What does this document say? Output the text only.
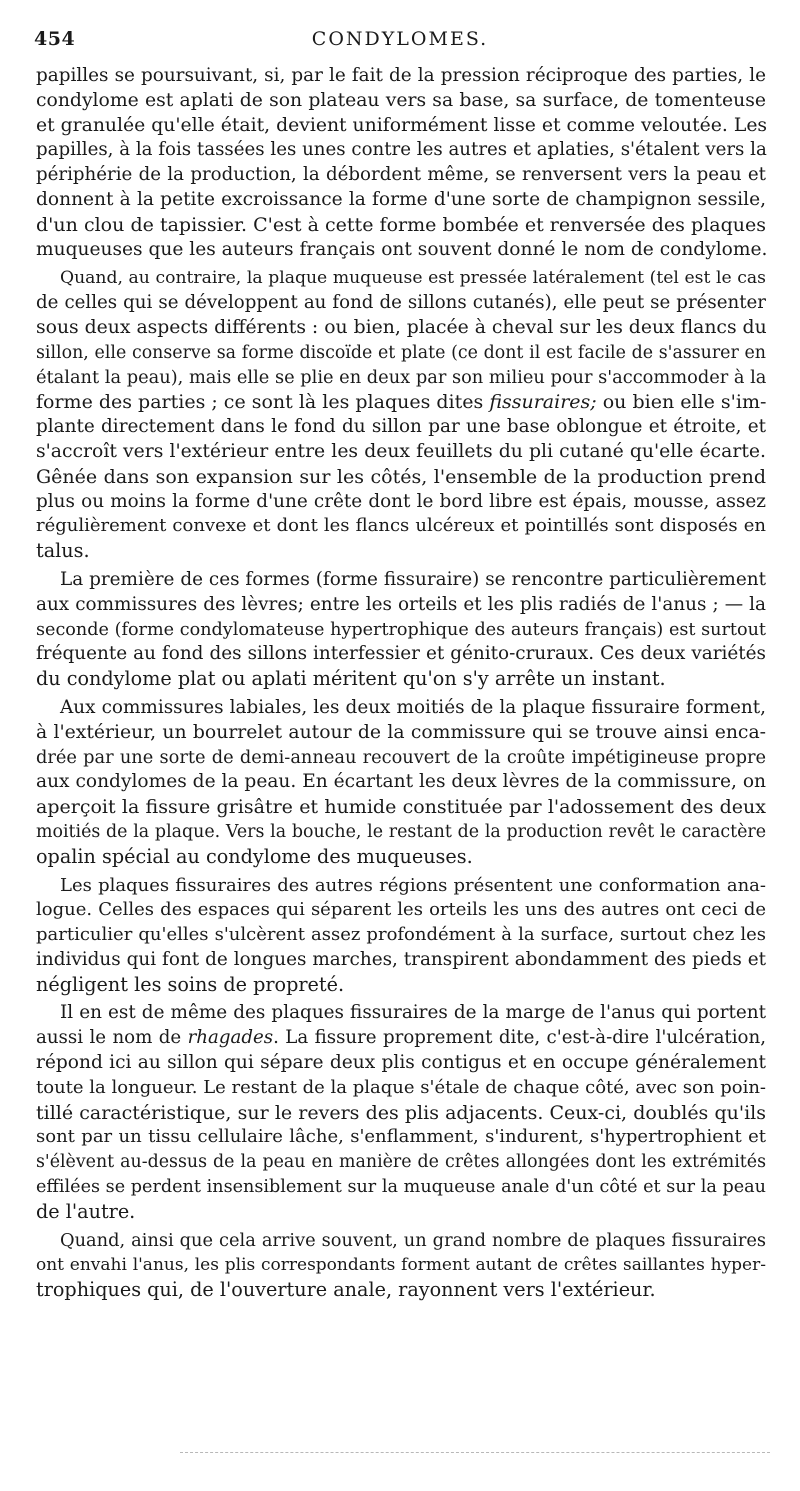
454	CONDYLOMES.
papilles se poursuivant, si, par le fait de la pression réciproque des parties, le
condylome est aplati de son plateau vers sa base, sa surface, de tomenteuse
et granulée qu'elle était, devient uniformément lisse et comme veloutée. Les
papilles, à la fois tassées les unes contre les autres et aplaties, s'étalent vers la
périphérie de la production, la débordent même, se renversent vers la peau et
donnent à la petite excroissance la forme d'une sorte de champignon sessile,
d'un clou de tapissier. C'est à cette forme bombée et renversée des plaques
muqueuses que les auteurs français ont souvent donné le nom de condylome.
Quand, au contraire, la plaque muqueuse est pressée latéralement (tel est le cas
de celles qui se développent au fond de sillons cutanés), elle peut se présenter
sous deux aspects différents : ou bien, placée à cheval sur les deux flancs du
sillon, elle conserve sa forme discoïde et plate (ce dont il est facile de s'assurer en
étalant la peau), mais elle se plie en deux par son milieu pour s'accommoder à la
forme des parties ; ce sont là les plaques dites fissuraires; ou bien elle s'im-
plante directement dans le fond du sillon par une base oblongue et étroite, et
s'accroît vers l'extérieur entre les deux feuillets du pli cutané qu'elle écarte.
Gênée dans son expansion sur les côtés, l'ensemble de la production prend
plus ou moins la forme d'une crête dont le bord libre est épais, mousse, assez
régulièrement convexe et dont les flancs ulcéreux et pointillés sont disposés en
talus.
La première de ces formes (forme fissuraire) se rencontre particulièrement
aux commissures des lèvres; entre les orteils et les plis radiés de l'anus ; — la
seconde (forme condylomateuse hypertrophique des auteurs français) est surtout
fréquente au fond des sillons interfessier et génito-cruraux. Ces deux variétés
du condylome plat ou aplati méritent qu'on s'y arrête un instant.
Aux commissures labiales, les deux moitiés de la plaque fissuraire forment,
à l'extérieur, un bourrelet autour de la commissure qui se trouve ainsi enca-
drée par une sorte de demi-anneau recouvert de la croûte impétigineuse propre
aux condylomes de la peau. En écartant les deux lèvres de la commissure, on
aperçoit la fissure grisâtre et humide constituée par l'adossement des deux
moitiés de la plaque. Vers la bouche, le restant de la production revêt le caractère
opalin spécial au condylome des muqueuses.
Les plaques fissuraires des autres régions présentent une conformation ana-
logue. Celles des espaces qui séparent les orteils les uns des autres ont ceci de
particulier qu'elles s'ulcèrent assez profondément à la surface, surtout chez les
individus qui font de longues marches, transpirent abondamment des pieds et
négligent les soins de propreté.
Il en est de même des plaques fissuraires de la marge de l'anus qui portent
aussi le nom de rhagades. La fissure proprement dite, c'est-à-dire l'ulcération,
répond ici au sillon qui sépare deux plis contigus et en occupe généralement
toute la longueur. Le restant de la plaque s'étale de chaque côté, avec son poin-
tillé caractéristique, sur le revers des plis adjacents. Ceux-ci, doublés qu'ils
sont par un tissu cellulaire lâche, s'enflamment, s'indurent, s'hypertrophient et
s'élèvent au-dessus de la peau en manière de crêtes allongées dont les extrémités
effilées se perdent insensiblement sur la muqueuse anale d'un côté et sur la peau
de l'autre.
Quand, ainsi que cela arrive souvent, un grand nombre de plaques fissuraires
ont envahi l'anus, les plis correspondants forment autant de crêtes saillantes hyper-
trophiques qui, de l'ouverture anale, rayonnent vers l'extérieur.
